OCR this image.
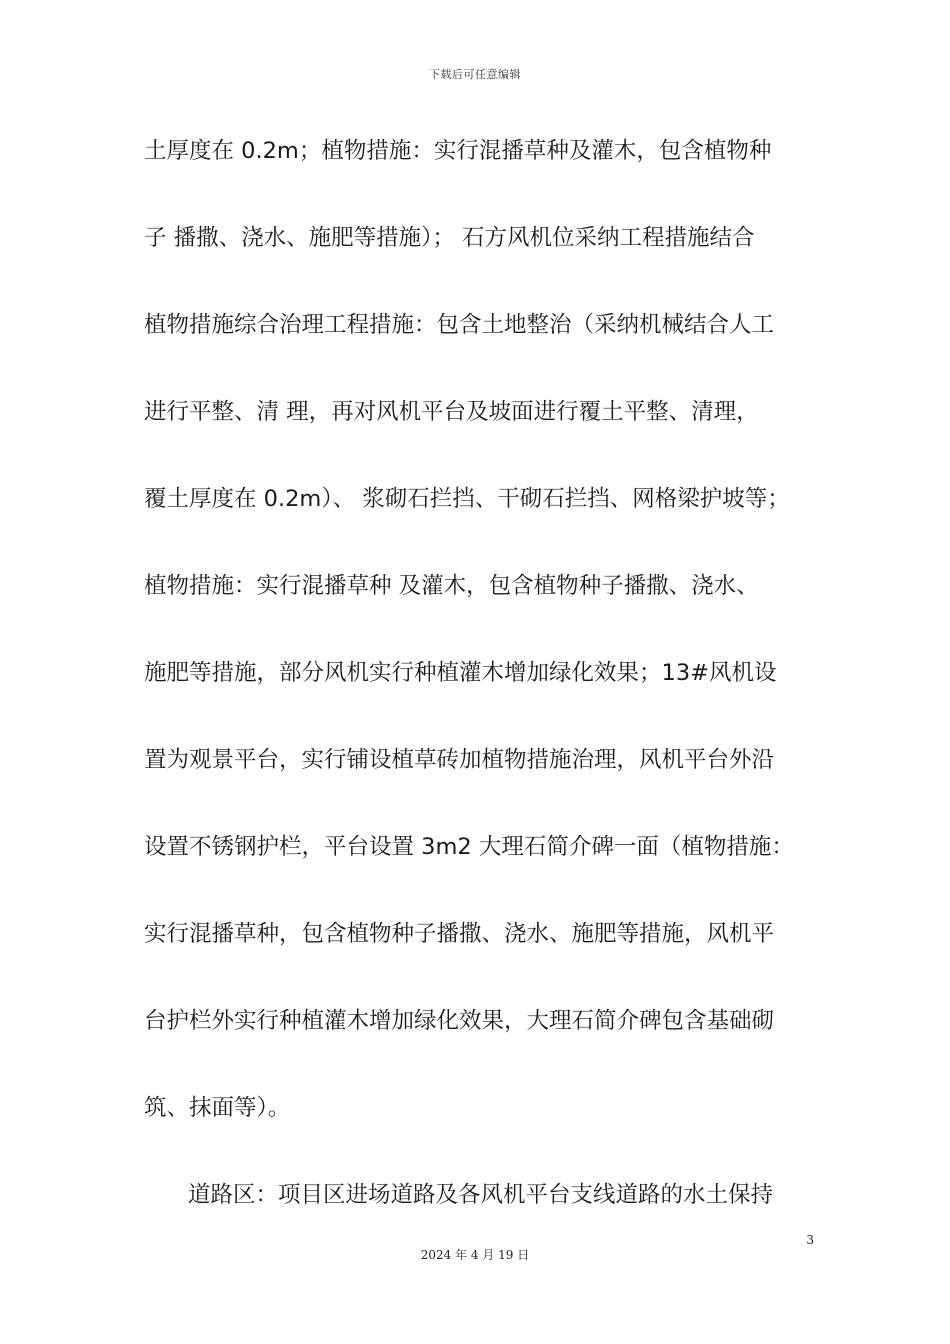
下载后可任意编辑
土厚度在 0.2m；植物措施：实行混播草种及灌木，包含植物种
子 播撒、浇水、施肥等措施）； 石方风机位采纳工程措施结合
植物措施综合治理工程措施：包含土地整治（采纳机械结合人工
进行平整、清 理，再对风机平台及坡面进行覆土平整、清理，
覆土厚度在 0.2m）、 浆砌石拦挡、干砌石拦挡、网格梁护坡等；
植物措施：实行混播草种 及灌木，包含植物种子播撒、浇水、
施肥等措施，部分风机实行种植灌木增加绿化效果；13#风机设
置为观景平台，实行铺设植草砖加植物措施治理，风机平台外沿
设置不锈钢护栏，平台设置 3m2 大理石简介碑一面（植物措施：
实行混播草种，包含植物种子播撒、浇水、施肥等措施，风机平
台护栏外实行种植灌木增加绿化效果，大理石简介碑包含基础砌
筑、抹面等）。
道路区：项目区进场道路及各风机平台支线道路的水土保持
3
2024 年 4 月 19 日
